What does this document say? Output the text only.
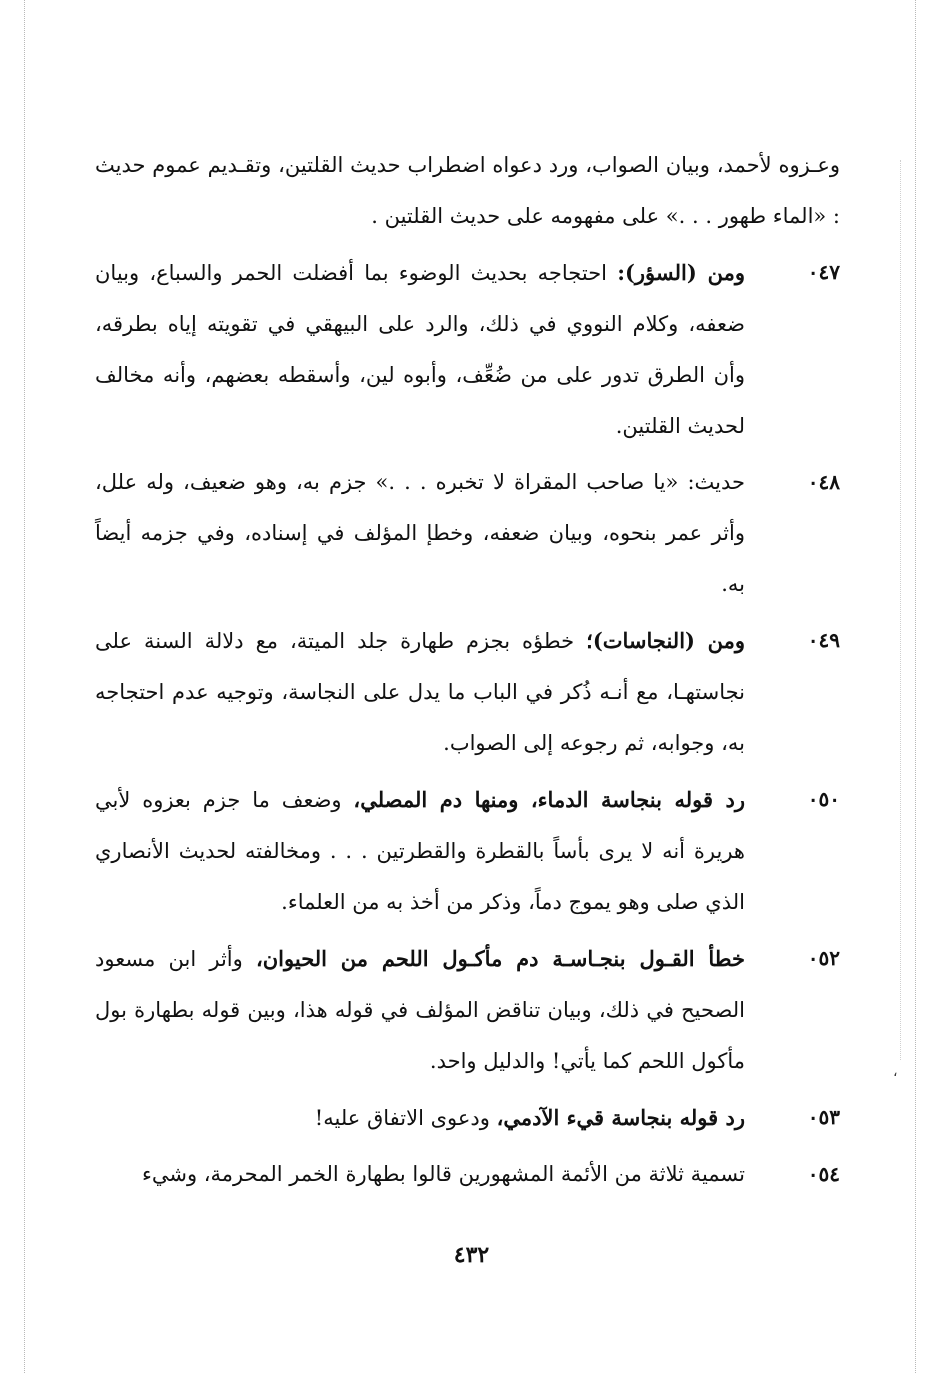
وعـزوه لأحمد، وبيان الصواب، ورد دعواه اضطراب حديث القلتين، وتقـديم عموم حديث : «الماء طهور . . .» على مفهومه على حديث القلتين .
٠٤٧
ومن (السؤر): احتجاجه بحديث الوضوء بما أفضلت الحمر والسباع، وبيان ضعفه، وكلام النووي في ذلك، والرد على البيهقي في تقويته إياه بطرقه، وأن الطرق تدور على من ضُعِّف، وأبوه لين، وأسقطه بعضهم، وأنه مخالف لحديث القلتين.
٠٤٨
حديث: «يا صاحب المقراة لا تخبره . . .» جزم به، وهو ضعيف، وله علل، وأثر عمر بنحوه، وبيان ضعفه، وخطإ المؤلف في إسناده، وفي جزمه أيضاً به.
٠٤٩
ومن (النجاسات)؛ خطؤه بجزم طهارة جلد الميتة، مع دلالة السنة على نجاستهـا، مع أنـه ذُكر في الباب ما يدل على النجاسة، وتوجيه عدم احتجاجه به، وجوابه، ثم رجوعه إلى الصواب.
٠٥٠
رد قوله بنجاسة الدماء، ومنها دم المصلي، وضعف ما جزم بعزوه لأبي هريرة أنه لا يرى بأساً بالقطرة والقطرتين . . . ومخالفته لحديث الأنصاري الذي صلى وهو يموج دماً، وذكر من أخذ به من العلماء.
٠٥٢
خطأ القـول بنجـاسـة دم مأكـول اللحم من الحيوان، وأثر ابن مسعود الصحيح في ذلك، وبيان تناقض المؤلف في قوله هذا، وبين قوله بطهارة بول مأكول اللحم كما يأتي! والدليل واحد.
٠٥٣
رد قوله بنجاسة قيء الآدمي، ودعوى الاتفاق عليه!
٠٥٤
تسمية ثلاثة من الأئمة المشهورين قالوا بطهارة الخمر المحرمة، وشيء
،
٤٣٢
